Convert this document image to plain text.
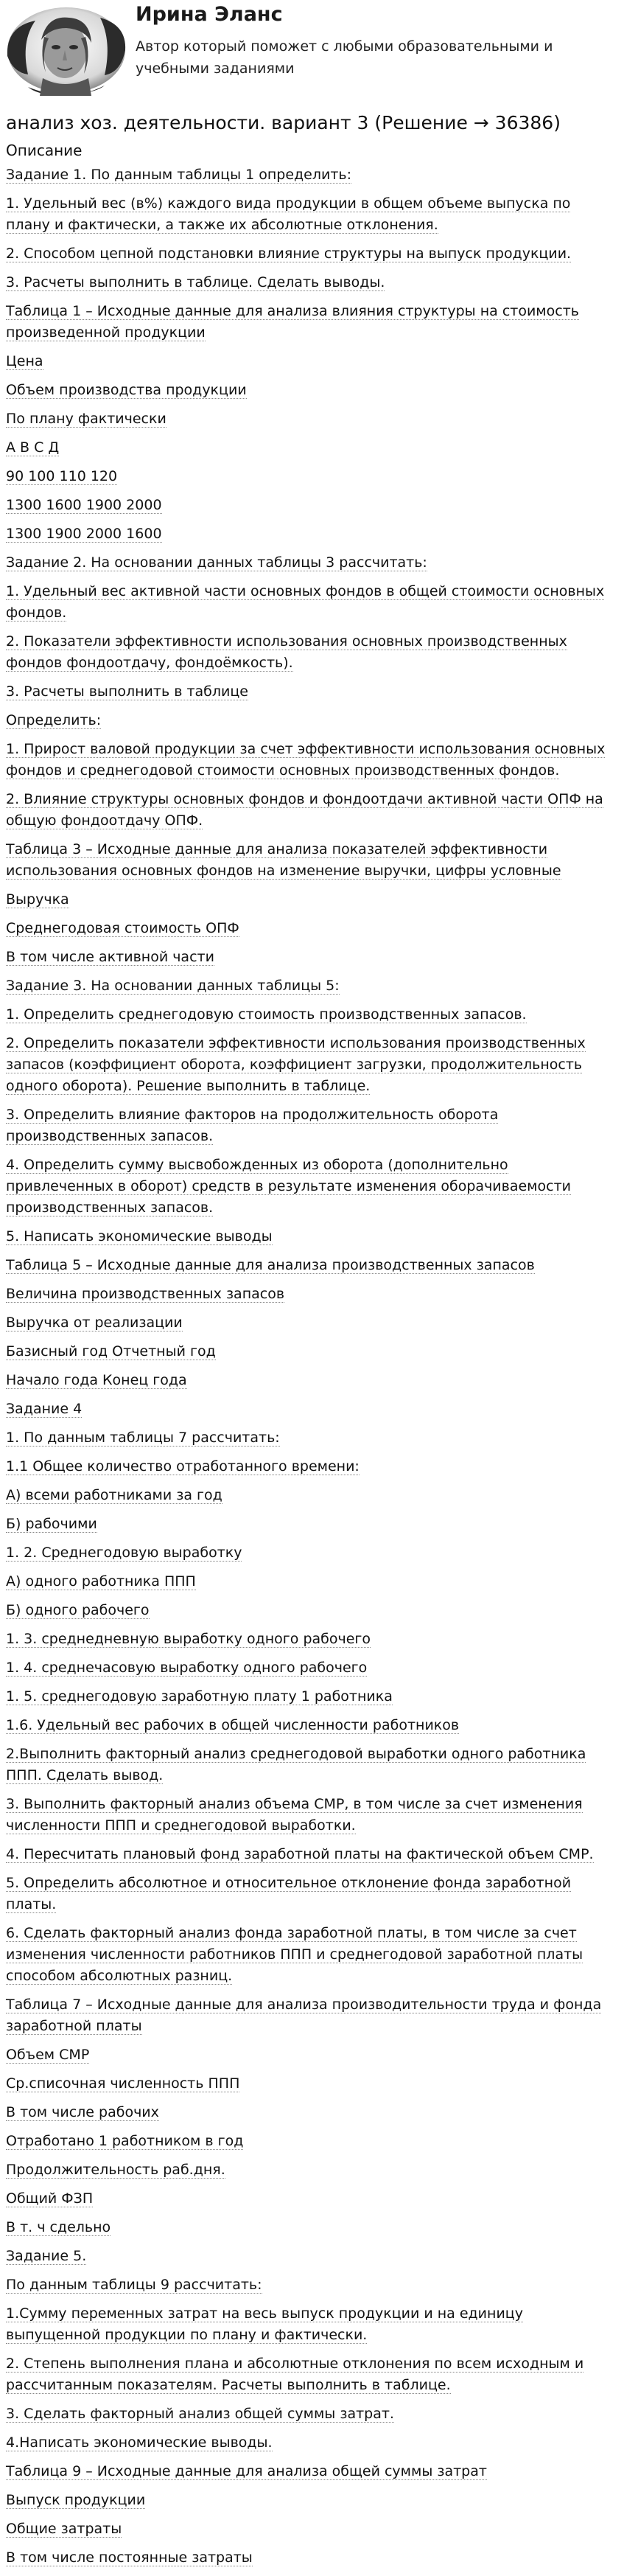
Ирина Эланс

Автор который поможет с любыми образовательными и учебными заданиями

анализ хоз. деятельности. вариант 3 (Решение → 36386)
Описание

Задание 1. По данным таблицы 1 определить:

1. Удельный вес (в%) каждого вида продукции в общем объеме выпуска по плану и фактически, а также их абсолютные отклонения.

2. Способом цепной подстановки влияние структуры на выпуск продукции.

3. Расчеты выполнить в таблице. Сделать выводы.

Таблица 1 – Исходные данные для анализа влияния структуры на стоимость произведенной продукции

Цена

Объем производства продукции

По плану фактически

А В С Д

90 100 110 120

1300 1600 1900 2000

1300 1900 2000 1600

Задание 2. На основании данных таблицы 3 рассчитать:

1. Удельный вес активной части основных фондов в общей стоимости основных фондов.

2. Показатели эффективности использования основных производственных фондов фондоотдачу, фондоёмкость).

3. Расчеты выполнить в таблице

Определить:

1. Прирост валовой продукции за счет эффективности использования основных фондов и среднегодовой стоимости основных производственных фондов.

2. Влияние структуры основных фондов и фондоотдачи активной части ОПФ на общую фондоотдачу ОПФ.

Таблица 3 – Исходные данные для анализа показателей эффективности использования основных фондов на изменение выручки, цифры условные

Выручка

Среднегодовая стоимость ОПФ

В том числе активной части

Задание 3. На основании данных таблицы 5:

1. Определить среднегодовую стоимость производственных запасов.

2. Определить показатели эффективности использования производственных запасов (коэффициент оборота, коэффициент загрузки, продолжительность одного оборота). Решение выполнить в таблице.

3. Определить влияние факторов на продолжительность оборота производственных запасов.

4. Определить сумму высвобожденных из оборота (дополнительно привлеченных в оборот) средств в результате изменения оборачиваемости производственных запасов.

5. Написать экономические выводы

Таблица 5 – Исходные данные для анализа производственных запасов

Величина производственных запасов

Выручка от реализации

Базисный год Отчетный год

Начало года Конец года

Задание 4

1. По данным таблицы 7 рассчитать:

1.1 Общее количество отработанного времени:

А) всеми работниками за год

Б) рабочими

1. 2. Среднегодовую выработку

А) одного работника ППП

Б) одного рабочего

1. 3. среднедневную выработку одного рабочего

1. 4. среднечасовую выработку одного рабочего

1. 5. среднегодовую заработную плату 1 работника

1.6. Удельный вес рабочих в общей численности работников

2.Выполнить факторный анализ среднегодовой выработки одного работника ППП. Сделать вывод.

3. Выполнить факторный анализ объема СМР, в том числе за счет изменения численности ППП и среднегодовой выработки.

4. Пересчитать плановый фонд заработной платы на фактической объем СМР.

5. Определить абсолютное и относительное отклонение фонда заработной платы.

6. Сделать факторный анализ фонда заработной платы, в том числе за счет изменения численности работников ППП и среднегодовой заработной платы способом абсолютных разниц.

Таблица 7 – Исходные данные для анализа производительности труда и фонда заработной платы

Объем СМР

Ср.списочная численность ППП

В том числе рабочих

Отработано 1 работником в год

Продолжительность раб.дня.

Общий ФЗП

В т. ч сдельно

Задание 5.

По данным таблицы 9 рассчитать:

1.Сумму переменных затрат на весь выпуск продукции и на единицу выпущенной продукции по плану и фактически.

2. Степень выполнения плана и абсолютные отклонения по всем исходным и рассчитанным показателям. Расчеты выполнить в таблице.

3. Сделать факторный анализ общей суммы затрат.

4.Написать экономические выводы.

Таблица 9 – Исходные данные для анализа общей суммы затрат

Выпуск продукции

Общие затраты

В том числе постоянные затраты
